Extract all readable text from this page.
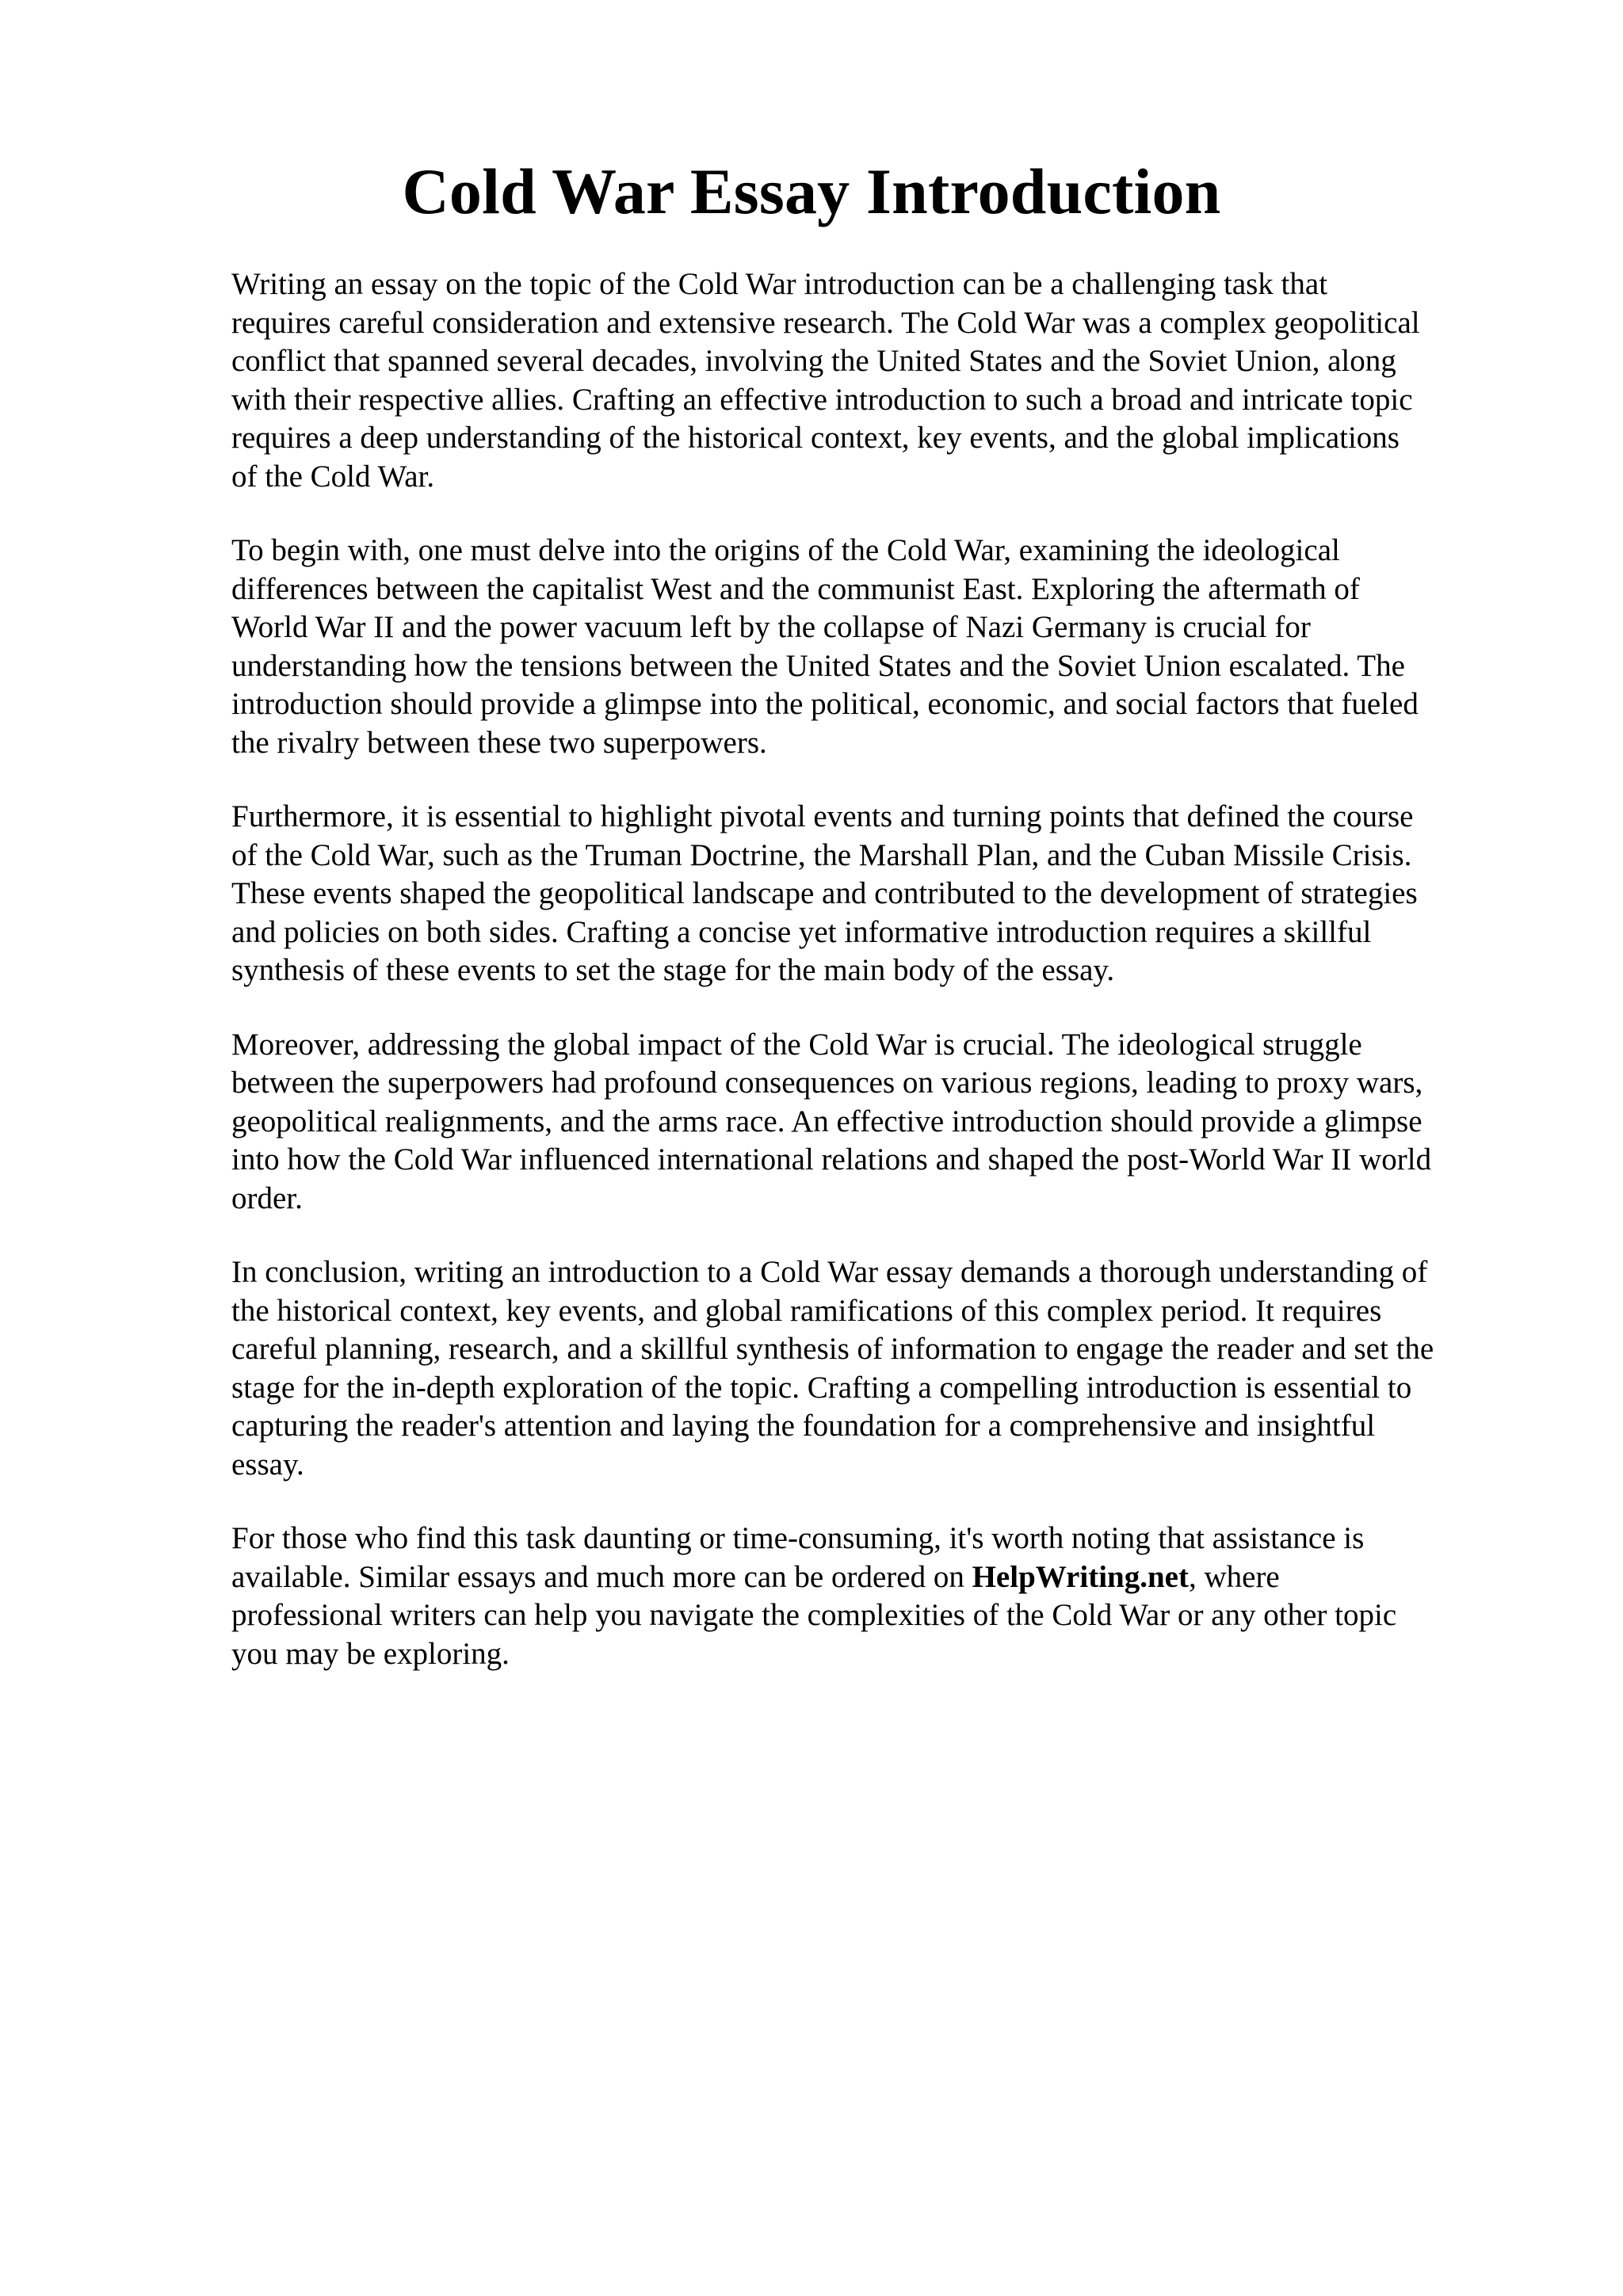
Cold War Essay Introduction

Writing an essay on the topic of the Cold War introduction can be a challenging task that
requires careful consideration and extensive research. The Cold War was a complex geopolitical
conflict that spanned several decades, involving the United States and the Soviet Union, along
with their respective allies. Crafting an effective introduction to such a broad and intricate topic
requires a deep understanding of the historical context, key events, and the global implications
of the Cold War.

To begin with, one must delve into the origins of the Cold War, examining the ideological
differences between the capitalist West and the communist East. Exploring the aftermath of
World War II and the power vacuum left by the collapse of Nazi Germany is crucial for
understanding how the tensions between the United States and the Soviet Union escalated. The
introduction should provide a glimpse into the political, economic, and social factors that fueled
the rivalry between these two superpowers.

Furthermore, it is essential to highlight pivotal events and turning points that defined the course
of the Cold War, such as the Truman Doctrine, the Marshall Plan, and the Cuban Missile Crisis.
These events shaped the geopolitical landscape and contributed to the development of strategies
and policies on both sides. Crafting a concise yet informative introduction requires a skillful
synthesis of these events to set the stage for the main body of the essay.

Moreover, addressing the global impact of the Cold War is crucial. The ideological struggle
between the superpowers had profound consequences on various regions, leading to proxy wars,
geopolitical realignments, and the arms race. An effective introduction should provide a glimpse
into how the Cold War influenced international relations and shaped the post-World War II world
order.

In conclusion, writing an introduction to a Cold War essay demands a thorough understanding of
the historical context, key events, and global ramifications of this complex period. It requires
careful planning, research, and a skillful synthesis of information to engage the reader and set the
stage for the in-depth exploration of the topic. Crafting a compelling introduction is essential to
capturing the reader's attention and laying the foundation for a comprehensive and insightful
essay.

For those who find this task daunting or time-consuming, it's worth noting that assistance is
available. Similar essays and much more can be ordered on HelpWriting.net, where
professional writers can help you navigate the complexities of the Cold War or any other topic
you may be exploring.
